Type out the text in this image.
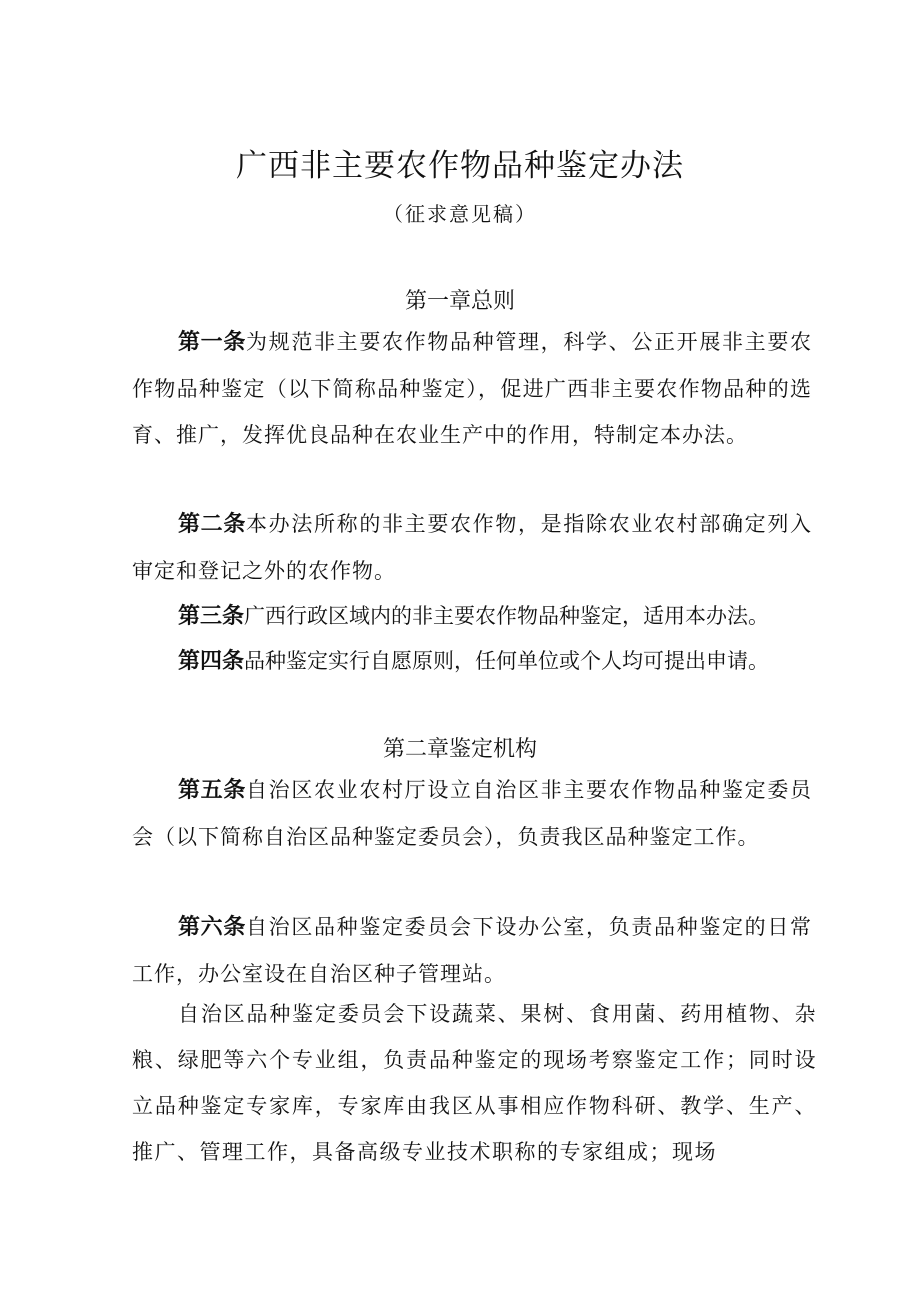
广西非主要农作物品种鉴定办法
（征求意见稿）
第一章总则
第一条为规范非主要农作物品种管理，科学、公正开展非主要农作物品种鉴定（以下简称品种鉴定），促进广西非主要农作物品种的选育、推广，发挥优良品种在农业生产中的作用，特制定本办法。
第二条本办法所称的非主要农作物，是指除农业农村部确定列入审定和登记之外的农作物。
第三条广西行政区域内的非主要农作物品种鉴定，适用本办法。
第四条品种鉴定实行自愿原则，任何单位或个人均可提出申请。
第二章鉴定机构
第五条自治区农业农村厅设立自治区非主要农作物品种鉴定委员会（以下简称自治区品种鉴定委员会），负责我区品种鉴定工作。
第六条自治区品种鉴定委员会下设办公室，负责品种鉴定的日常工作，办公室设在自治区种子管理站。
自治区品种鉴定委员会下设蔬菜、果树、食用菌、药用植物、杂粮、绿肥等六个专业组，负责品种鉴定的现场考察鉴定工作；同时设立品种鉴定专家库，专家库由我区从事相应作物科研、教学、生产、推广、管理工作，具备高级专业技术职称的专家组成；现场
